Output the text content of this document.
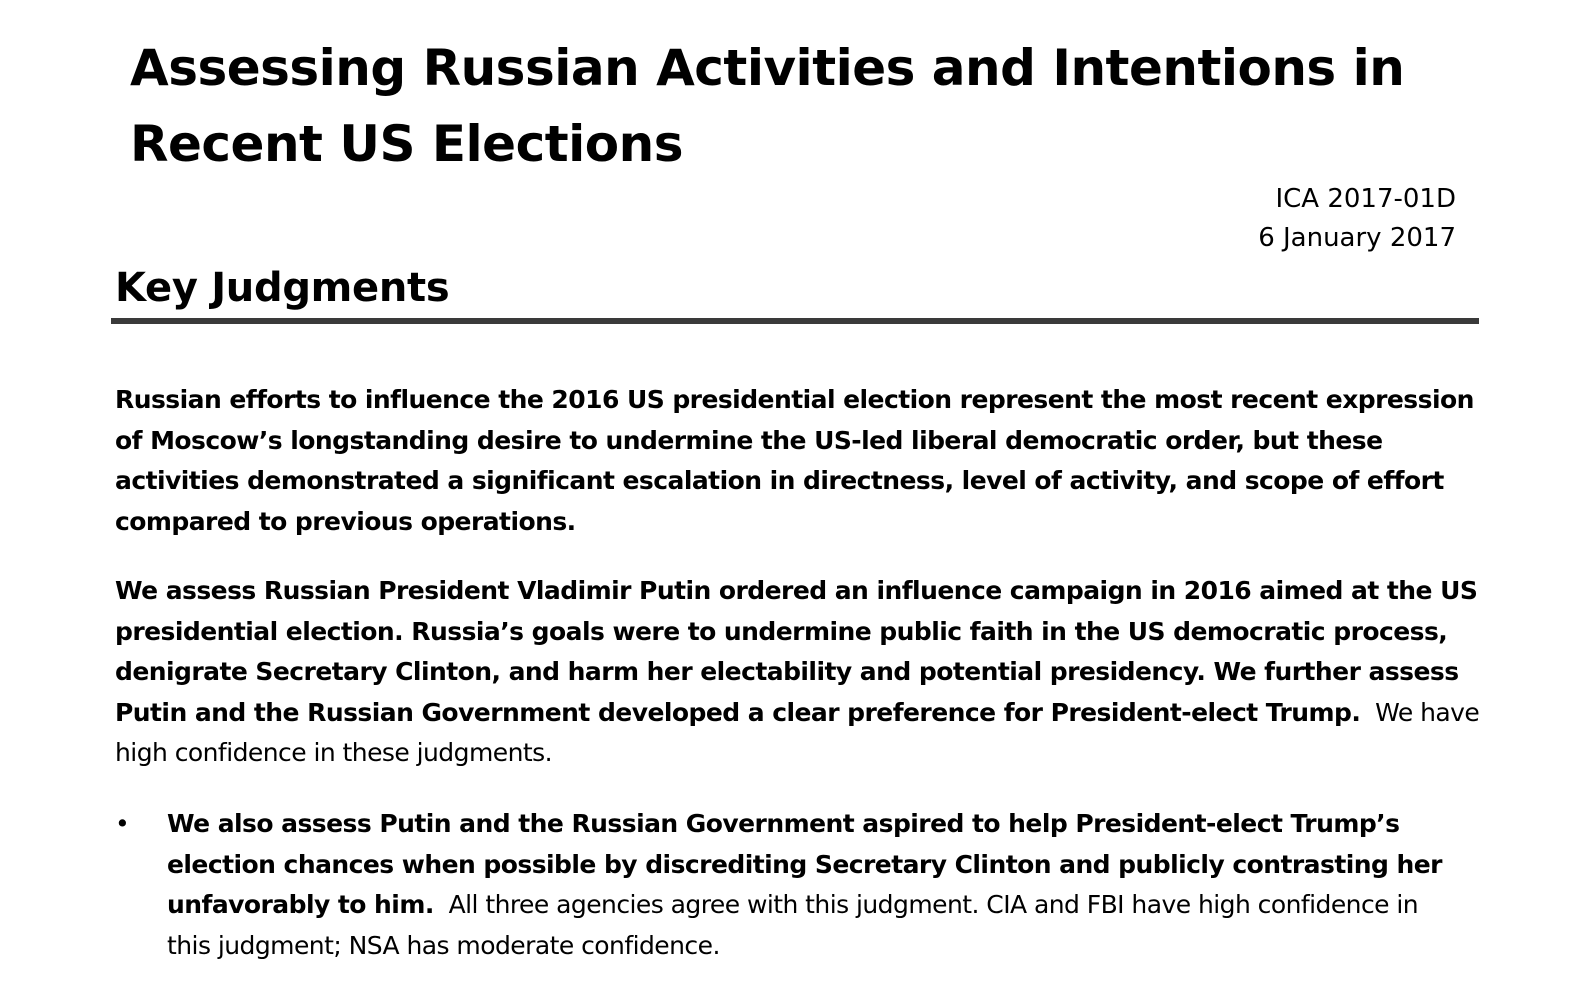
Assessing Russian Activities and Intentions in Recent US Elections
ICA 2017-01D
6 January 2017
Key Judgments

Russian efforts to influence the 2016 US presidential election represent the most recent expression of Moscow’s longstanding desire to undermine the US-led liberal democratic order, but these activities demonstrated a significant escalation in directness, level of activity, and scope of effort compared to previous operations.

We assess Russian President Vladimir Putin ordered an influence campaign in 2016 aimed at the US presidential election. Russia’s goals were to undermine public faith in the US democratic process, denigrate Secretary Clinton, and harm her electability and potential presidency. We further assess Putin and the Russian Government developed a clear preference for President-elect Trump. We have high confidence in these judgments.

• We also assess Putin and the Russian Government aspired to help President-elect Trump’s election chances when possible by discrediting Secretary Clinton and publicly contrasting her unfavorably to him. All three agencies agree with this judgment. CIA and FBI have high confidence in this judgment; NSA has moderate confidence.
